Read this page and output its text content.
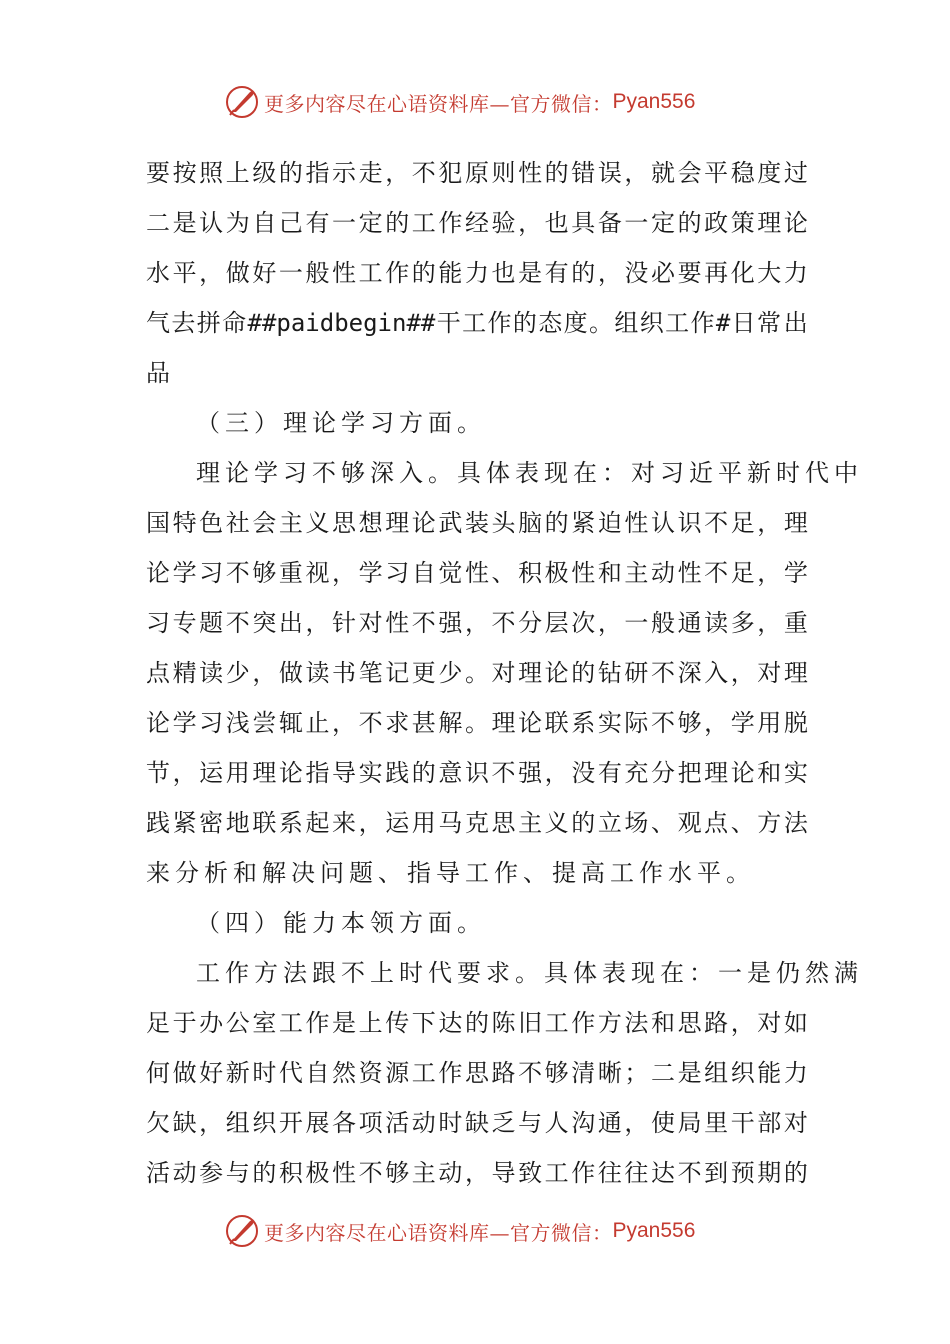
更多内容尽在心语资料库—官方微信： Pyan556
要 按 照 上 级 的 指 示 走 ， 不 犯 原 则 性 的 错 误 ， 就 会 平 稳 度 过
二 是 认 为 自 己 有 一 定 的 工 作 经 验 ， 也 具 备 一 定 的 政 策 理 论
水 平 ， 做 好 一 般 性 工 作 的 能 力 也 是 有 的 ， 没 必 要 再 化 大 力
气 去 拼 命 ##paidbegin## 干 工 作 的 态 度 。 组 织 工 作 # 日 常 出
品
（三）理论学习方面。
理论学习不够深入。具体表现在：对习近平新时代中
国 特 色 社 会 主 义 思 想 理 论 武 装 头 脑 的 紧 迫 性 认 识 不 足 ， 理
论 学 习 不 够 重 视 ， 学 习 自 觉 性 、 积 极 性 和 主 动 性 不 足 ， 学
习 专 题 不 突 出 ， 针 对 性 不 强 ， 不 分 层 次 ， 一 般 通 读 多 ， 重
点 精 读 少 ， 做 读 书 笔 记 更 少 。 对 理 论 的 钻 研 不 深 入 ， 对 理
论 学 习 浅 尝 辄 止 ， 不 求 甚 解 。 理 论 联 系 实 际 不 够 ， 学 用 脱
节 ， 运 用 理 论 指 导 实 践 的 意 识 不 强 ， 没 有 充 分 把 理 论 和 实
践 紧 密 地 联 系 起 来 ， 运 用 马 克 思 主 义 的 立 场 、 观 点 、 方 法
来分析和解决问题、指导工作、提高工作水平。
（四）能力本领方面。
工作方法跟不上时代要求。具体表现在：一是仍然满
足 于 办 公 室 工 作 是 上 传 下 达 的 陈 旧 工 作 方 法 和 思 路 ， 对 如
何 做 好 新 时 代 自 然 资 源 工 作 思 路 不 够 清 晰 ； 二 是 组 织 能 力
欠 缺 ， 组 织 开 展 各 项 活 动 时 缺 乏 与 人 沟 通 ， 使 局 里 干 部 对
活 动 参 与 的 积 极 性 不 够 主 动 ， 导 致 工 作 往 往 达 不 到 预 期 的
更多内容尽在心语资料库—官方微信： Pyan556
